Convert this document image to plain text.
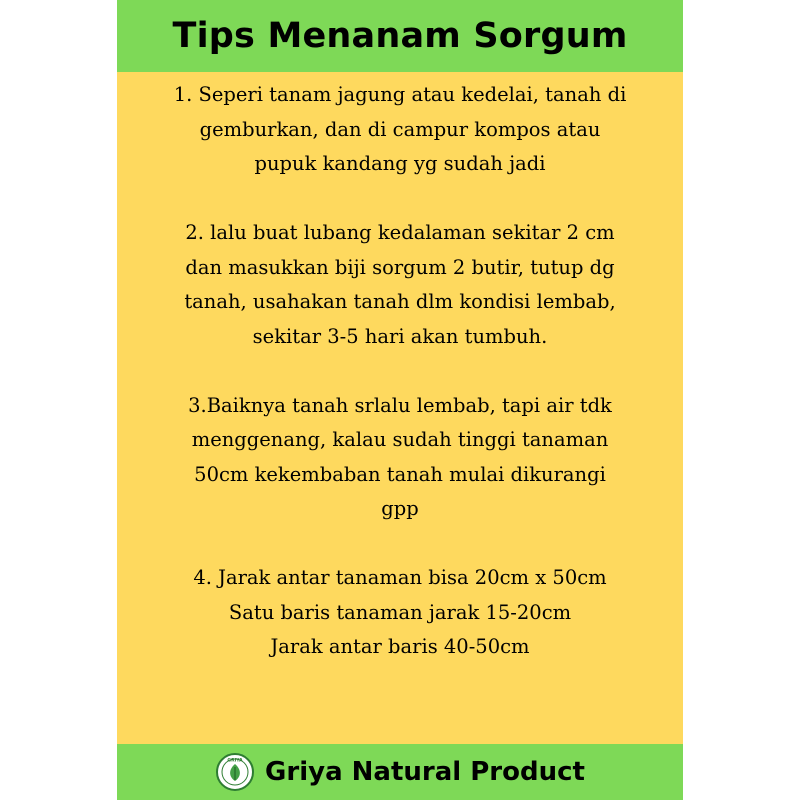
Tips Menanam Sorgum
1. Seperi tanam jagung atau kedelai, tanah di
gemburkan, dan di campur kompos atau
pupuk kandang yg sudah jadi
2. lalu buat lubang kedalaman sekitar 2 cm
dan masukkan biji sorgum 2 butir, tutup dg
tanah, usahakan tanah dlm kondisi lembab,
sekitar 3-5 hari akan tumbuh.
3.Baiknya tanah srlalu lembab, tapi air tdk
menggenang, kalau sudah tinggi tanaman
50cm kekembaban tanah mulai dikurangi
gpp
4. Jarak antar tanaman bisa 20cm x 50cm
Satu baris tanaman jarak 15-20cm
Jarak antar baris 40-50cm
GRIYA Griya Natural Product
